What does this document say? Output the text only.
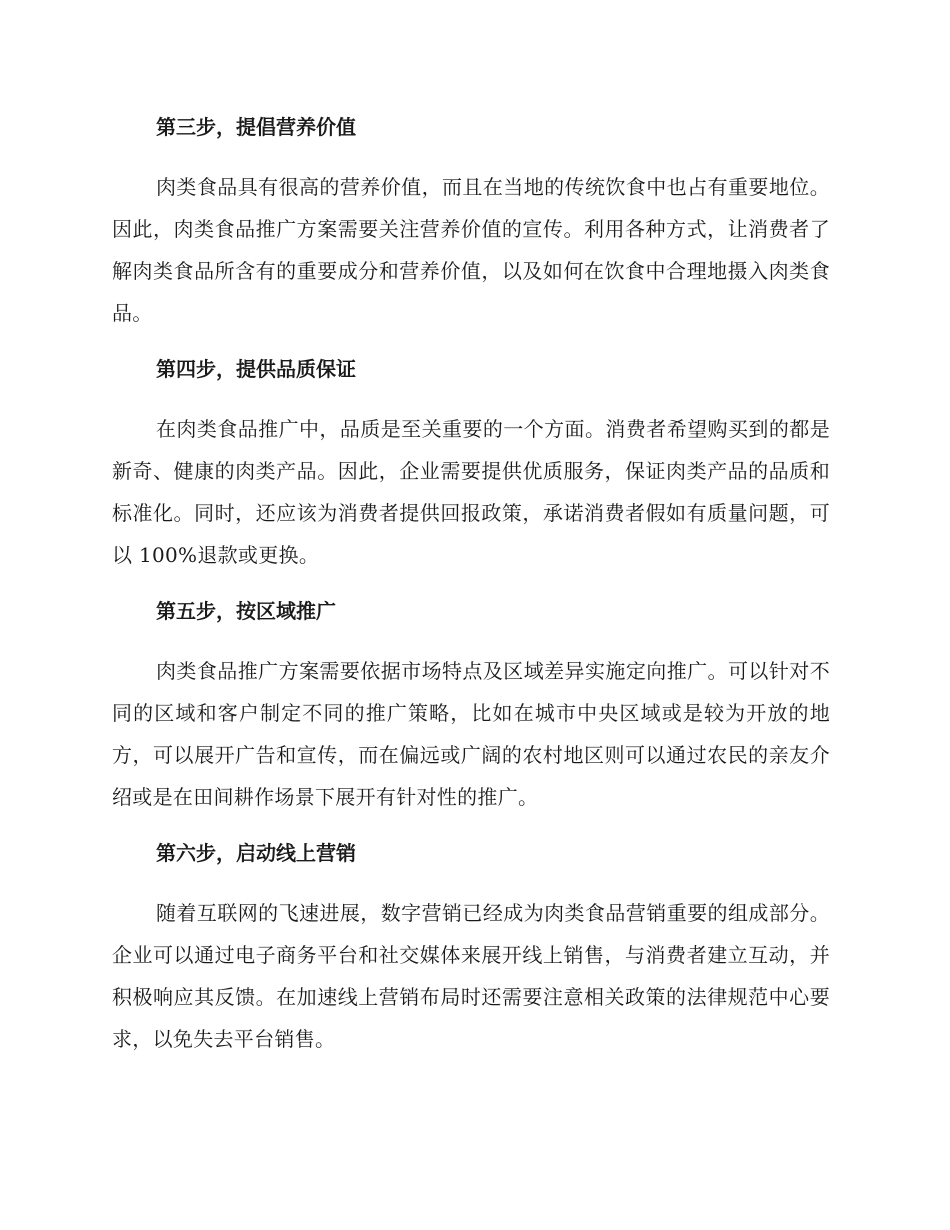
第三步，提倡营养价值

肉类食品具有很高的营养价值，而且在当地的传统饮食中也占有重要地位。因此，肉类食品推广方案需要关注营养价值的宣传。利用各种方式，让消费者了解肉类食品所含有的重要成分和营养价值，以及如何在饮食中合理地摄入肉类食品。

第四步，提供品质保证

在肉类食品推广中，品质是至关重要的一个方面。消费者希望购买到的都是新奇、健康的肉类产品。因此，企业需要提供优质服务，保证肉类产品的品质和标准化。同时，还应该为消费者提供回报政策，承诺消费者假如有质量问题，可以 100%退款或更换。

第五步，按区域推广

肉类食品推广方案需要依据市场特点及区域差异实施定向推广。可以针对不同的区域和客户制定不同的推广策略，比如在城市中央区域或是较为开放的地方，可以展开广告和宣传，而在偏远或广阔的农村地区则可以通过农民的亲友介绍或是在田间耕作场景下展开有针对性的推广。

第六步，启动线上营销

随着互联网的飞速进展，数字营销已经成为肉类食品营销重要的组成部分。企业可以通过电子商务平台和社交媒体来展开线上销售，与消费者建立互动，并积极响应其反馈。在加速线上营销布局时还需要注意相关政策的法律规范中心要求，以免失去平台销售。
